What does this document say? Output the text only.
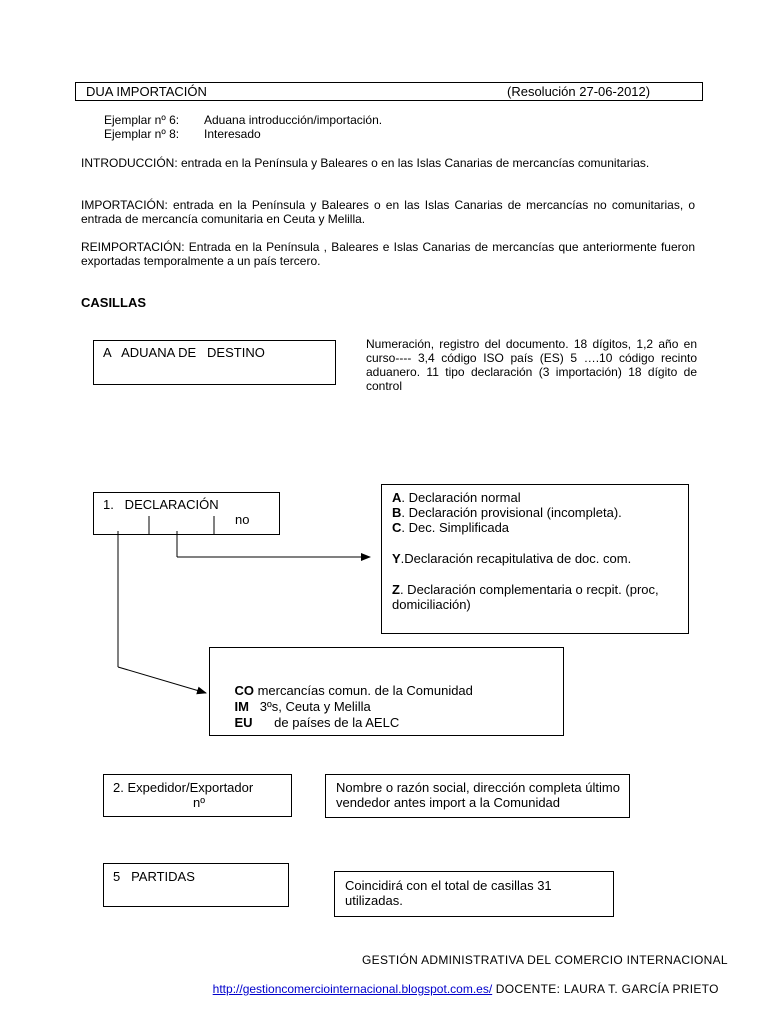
DUA IMPORTACIÓN	(Resolución 27-06-2012)
Ejemplar nº 6: Aduana introducción/importación.
Ejemplar nº 8: Interesado
INTRODUCCIÓN: entrada en la Península y Baleares o en las Islas Canarias de mercancías comunitarias.
IMPORTACIÓN: entrada en la Península y Baleares o en las Islas Canarias de mercancías no comunitarias, o entrada de mercancía comunitaria en Ceuta y Melilla.
REIMPORTACIÓN: Entrada en la Península , Baleares e Islas Canarias de mercancías que anteriormente fueron exportadas temporalmente a un país tercero.
CASILLAS
A   ADUANA DE   DESTINO
Numeración, registro del documento. 18 dígitos, 1,2 año en curso---- 3,4 código ISO país (ES) 5 ….10 código recinto aduanero. 11 tipo declaración (3 importación) 18 dígito de control
1.   DECLARACIÓN
no
A. Declaración normal
B. Declaración provisional (incompleta).
C. Dec. Simplificada
Y.Declaración recapitulativa de doc. com.
Z. Declaración complementaria o recpit. (proc, domiciliación)

CO mercancías comun. de la Comunidad

IM   3ºs, Ceuta y Melilla

EU      de países de la AELC

2. Expedidor/Exportador
nº
Nombre o razón social, dirección completa último vendedor antes import a la Comunidad
5   PARTIDAS
Coincidirá con el total de casillas 31 utilizadas.
GESTIÓN ADMINISTRATIVA DEL COMERCIO INTERNACIONAL

http://gestioncomerciointernacional.blogspot.com.es/ DOCENTE: LAURA T. GARCÍA PRIETO
